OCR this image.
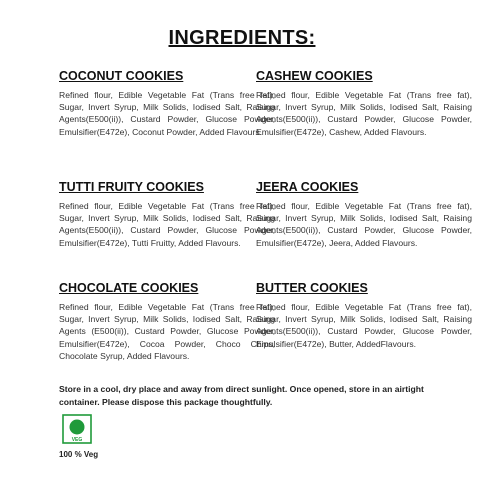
INGREDIENTS:
COCONUT COOKIES
Refined flour, Edible Vegetable Fat (Trans free fat), Sugar, Invert Syrup, Milk Solids, Iodised Salt, Raising Agents(E500(ii)), Custard Powder, Glucose Powder, Emulsifier(E472e), Coconut Powder, Added Flavours.
CASHEW COOKIES
Refined flour, Edible Vegetable Fat (Trans free fat), Sugar, Invert Syrup, Milk Solids, Iodised Salt, Raising Agents(E500(ii)), Custard Powder, Glucose Powder, Emulsifier(E472e), Cashew, Added Flavours.
TUTTI FRUITY COOKIES
Refined flour, Edible Vegetable Fat (Trans free fat), Sugar, Invert Syrup, Milk Solids, Iodised Salt, Raising Agents(E500(ii)), Custard Powder, Glucose Powder, Emulsifier(E472e), Tutti Fruitty, Added Flavours.
JEERA COOKIES
Refined flour, Edible Vegetable Fat (Trans free fat), Sugar, Invert Syrup, Milk Solids, Iodised Salt, Raising Agents(E500(ii)), Custard Powder, Glucose Powder, Emulsifier(E472e), Jeera, Added Flavours.
CHOCOLATE COOKIES
Refined flour, Edible Vegetable Fat (Trans free fat), Sugar, Invert Syrup, Milk Solids, Iodised Salt, Raising Agents (E500(ii)), Custard Powder, Glucose Powder, Emulsifier(E472e), Cocoa Powder, Choco Chips, Chocolate Syrup, Added Flavours.
BUTTER COOKIES
Refined flour, Edible Vegetable Fat (Trans free fat), Sugar, Invert Syrup, Milk Solids, Iodised Salt, Raising Agents(E500(ii)), Custard Powder, Glucose Powder, Emulsifier(E472e), Butter, AddedFlavours.
Store in a cool, dry place and away from direct sunlight. Once opened, store in an airtight container. Please dispose this package thoughtfully.
VEG
100 % Veg
